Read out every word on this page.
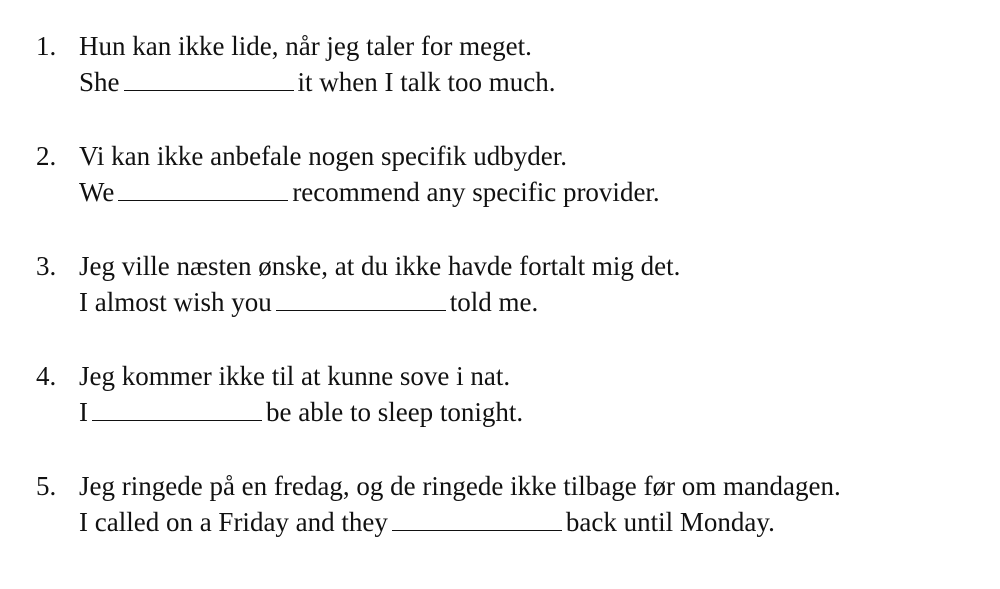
1. Hun kan ikke lide, når jeg taler for meget.
She	it when I talk too much.
2. Vi kan ikke anbefale nogen specifik udbyder.
We	recommend any specific provider.
3. Jeg ville næsten ønske, at du ikke havde fortalt mig det.
I almost wish you	told me.
4. Jeg kommer ikke til at kunne sove i nat.
I	be able to sleep tonight.
5. Jeg ringede på en fredag, og de ringede ikke tilbage før om mandagen.
I called on a Friday and they	back until Monday.
